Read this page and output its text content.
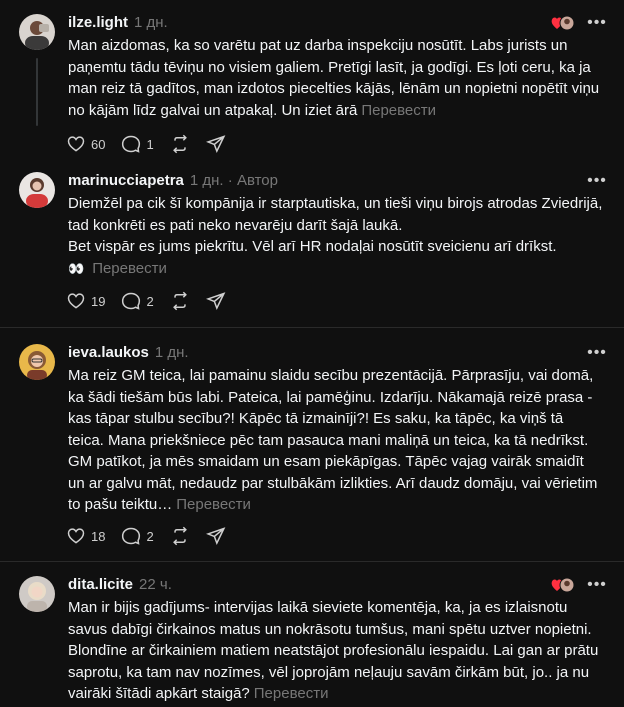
ilze.light 1 дн.	•••
Man aizdomas, ka so varētu pat uz darba inspekciju nosūtīt. Labs jurists un paņemtu tādu tēviņu no visiem galiem. Pretīgi lasīt, ja godīgi. Es ļoti ceru, ka ja man reiz tā gadītos, man izdotos piecelties kājās, lēnām un nopietni nopētīt viņu no kājām līdz galvai un atpakaļ. Un iziet ārā Перевести
60	1
marinucciapetra 1 дн. · Автор	•••
Diemžēl pa cik šī kompānija ir starptautiska, un tieši viņu birojs atrodas Zviedrijā, tad konkrēti es pati neko nevarēju darīt šajā laukā.
Bet vispār es jums piekrītu. Vēl arī HR nodaļai nosūtīt sveicienu arī drīkst.
👀 Перевести
19	2
ieva.laukos 1 дн.	•••
Ma reiz GM teica, lai pamainu slaidu secību prezentācijā. Pārprasīju, vai domā, ka šādi tiešām būs labi. Pateica, lai pamēģinu. Izdarīju. Nākamajā reizē prasa - kas tāpar stulbu secību?! Kāpēc tā izmainīji?! Es saku, ka tāpēc, ka viņš tā teica. Mana priekšniece pēc tam pasauca mani maliņā un teica, ka tā nedrīkst. GM patīkot, ja mēs smaidam un esam piekāpīgas. Tāpēc vajag vairāk smaidīt un ar galvu māt, nedaudz par stulbākām izlikties. Arī daudz domāju, vai vērietim to pašu teiktu… Перевести
18	2
dita.licite 22 ч.	•••
Man ir bijis gadījums- intervijas laikā sieviete komentēja, ka, ja es izlaisnotu savus dabīgi čirkainos matus un nokrāsotu tumšus, mani spētu uztver nopietni. Blondīne ar čirkainiem matiem neatstājot profesionālu iespaidu. Lai gan ar prātu saprotu, ka tam nav nozīmes, vēl joprojām neļauju savām čirkām būt, jo.. ja nu vairāki šītādi apkārt staigā? Перевести
